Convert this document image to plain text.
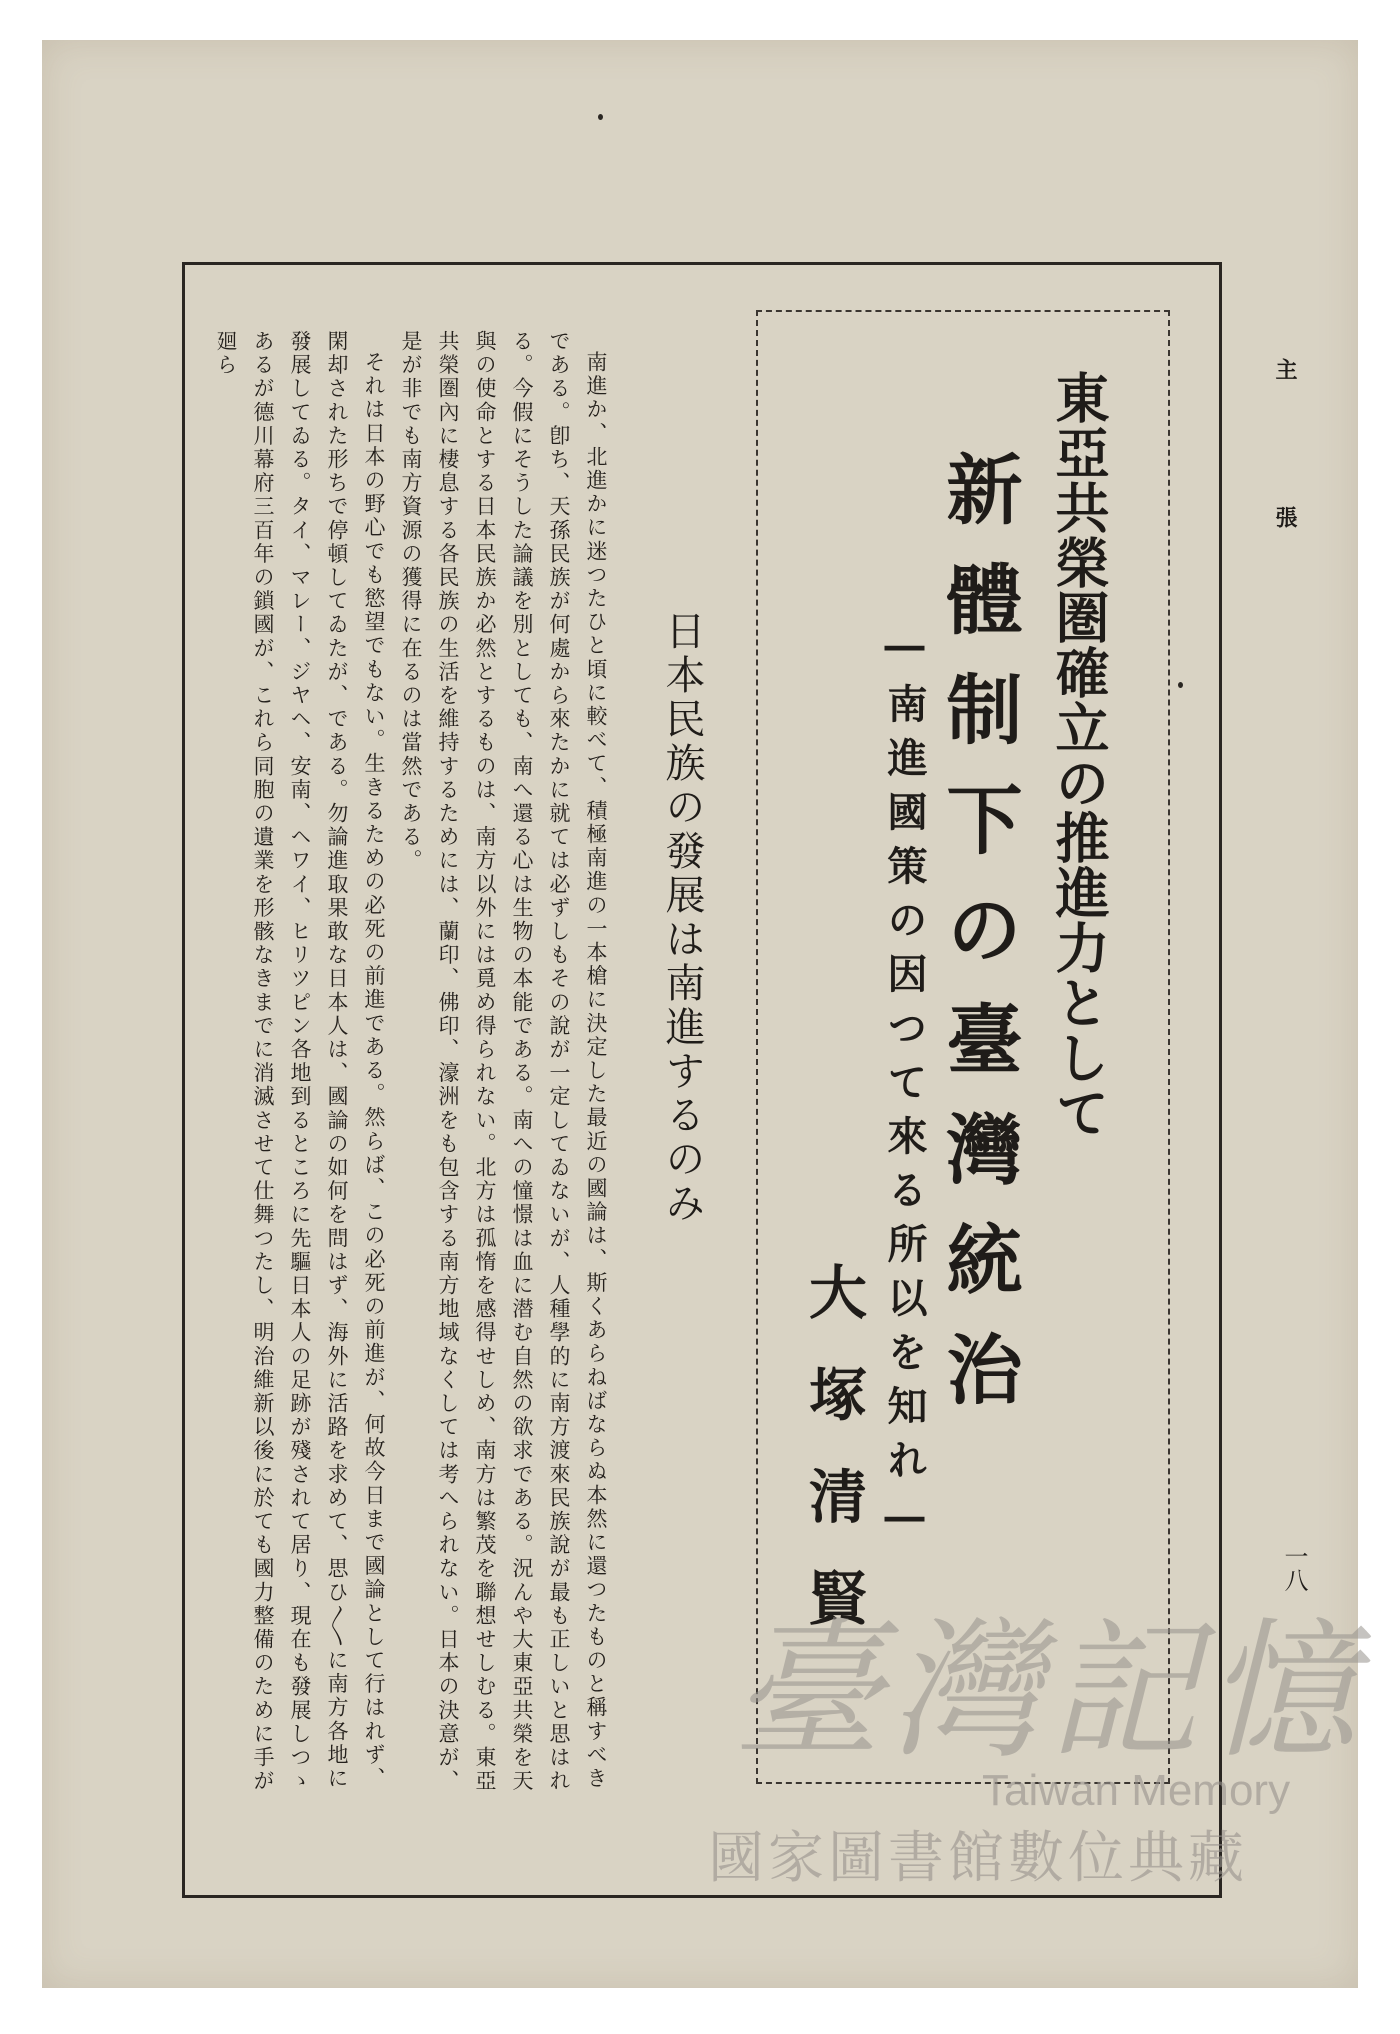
主 張
一八
東亞共榮圏確立の推進力として
新體制下の臺灣統治
―南進國策の因つて來る所以を知れ―
大塚清賢
日本民族の發展は南進するのみ

南進か、北進かに迷つたひと頃に較べて、積極南進の一本槍に決定した最近の國論は、斯くあらねばならぬ本然に還つたものと稱すべきである。卽ち、天孫民族が何處から來たかに就ては必ずしもその說が一定してゐないが、人種學的に南方渡來民族說が最も正しいと思はれる。今假にそうした論議を別としても、南へ還る心は生物の本能である。南への憧憬は血に潜む自然の欲求である。況んや大東亞共榮を天與の使命とする日本民族か必然とするものは、南方以外には覓め得られない。北方は孤惰を感得せしめ、南方は繁茂を聯想せしむる。東亞共榮圏內に棲息する各民族の生活を維持するためには、蘭印、佛印、濠洲をも包含する南方地域なくしては考へられない。日本の決意が、是が非でも南方資源の獲得に在るのは當然である。

それは日本の野心でも慾望でもない。生きるための必死の前進である。然らば、この必死の前進が、何故今日まで國論として行はれず、閑却された形ちで停頓してゐたが、である。勿論進取果敢な日本人は、國論の如何を問はず、海外に活路を求めて、思ひ〳〵に南方各地に發展してゐる。タイ、マレー、ジヤヘ、安南、ヘワイ、ヒリツピン各地到るところに先驅日本人の足跡が殘されて居り、現在も發展しつゝあるが德川幕府三百年の鎖國が、これら同胞の遺業を形骸なきまでに消滅させて仕舞つたし、明治維新以後に於ても國力整備のために手が廻ら

臺灣記憶
Taiwan Memory
國家圖書館數位典藏
